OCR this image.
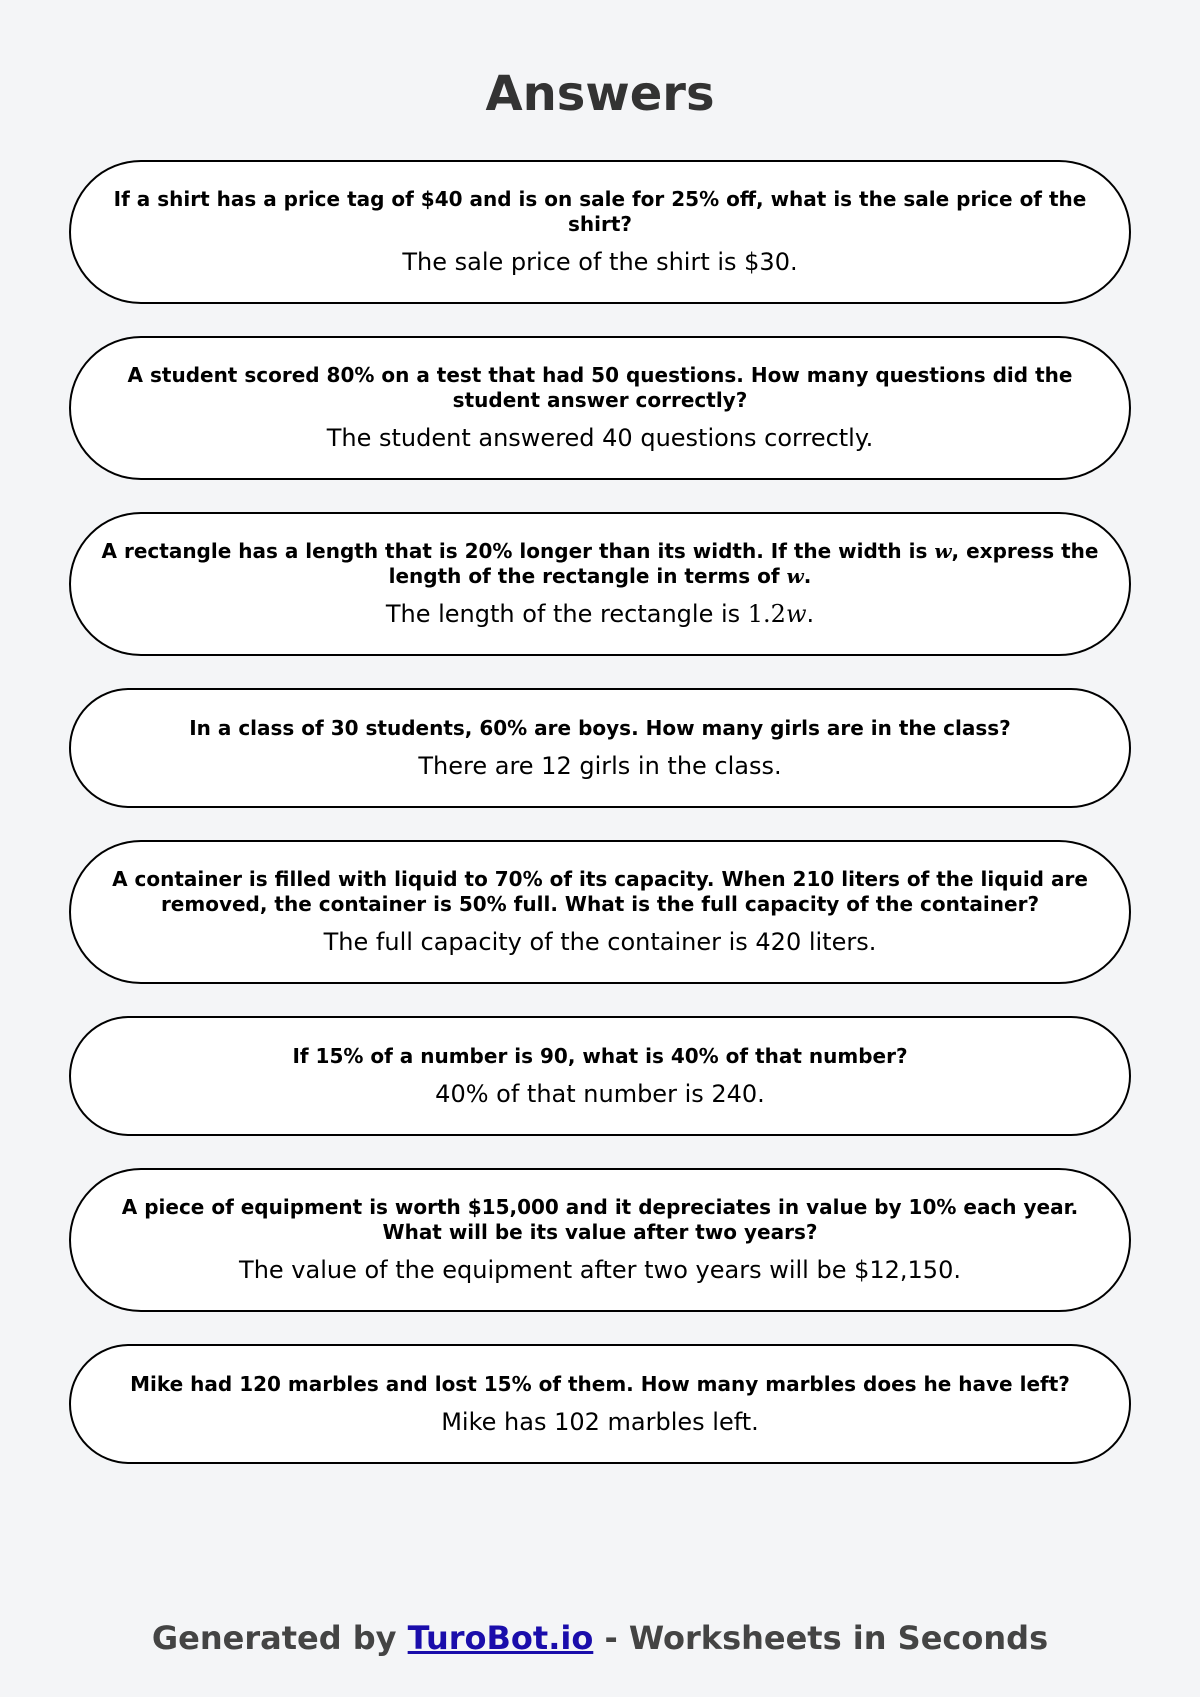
Answers

If a shirt has a price tag of $40 and is on sale for 25% off, what is the sale price of the shirt?

The sale price of the shirt is $30.

A student scored 80% on a test that had 50 questions. How many questions did the student answer correctly?

The student answered 40 questions correctly.

A rectangle has a length that is 20% longer than its width. If the width is w, express the length of the rectangle in terms of w.

The length of the rectangle is 1.2w.

In a class of 30 students, 60% are boys. How many girls are in the class?

There are 12 girls in the class.

A container is filled with liquid to 70% of its capacity. When 210 liters of the liquid are removed, the container is 50% full. What is the full capacity of the container?

The full capacity of the container is 420 liters.

If 15% of a number is 90, what is 40% of that number?

40% of that number is 240.

A piece of equipment is worth $15,000 and it depreciates in value by 10% each year. What will be its value after two years?

The value of the equipment after two years will be $12,150.

Mike had 120 marbles and lost 15% of them. How many marbles does he have left?

Mike has 102 marbles left.

Generated by TuroBot.io - Worksheets in Seconds
